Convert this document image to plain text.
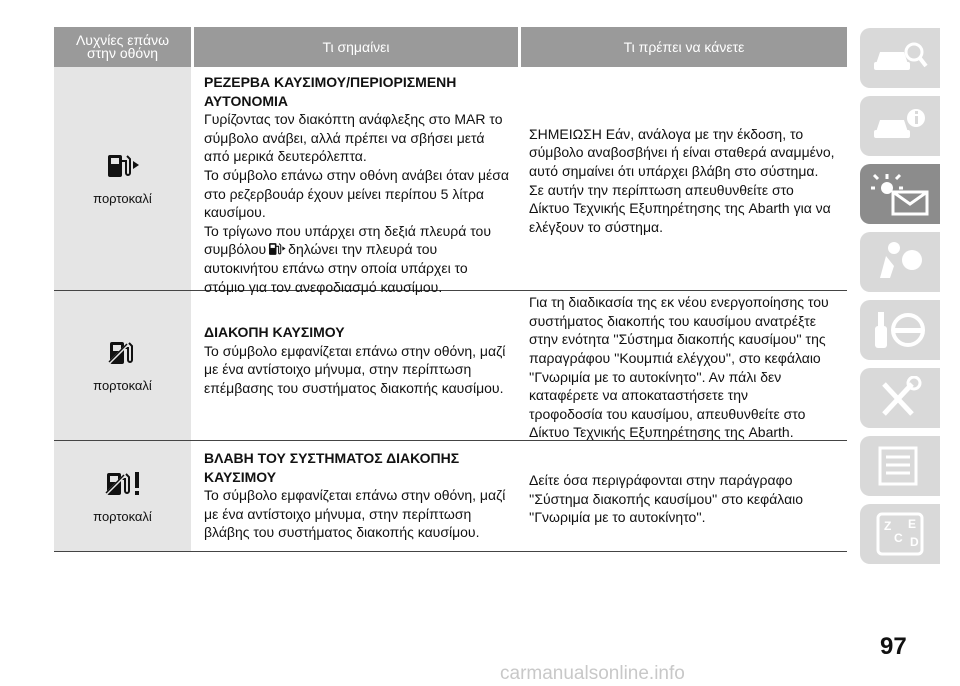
Λυχνίες επάνω
στην οθόνη	Τι σημαίνει	Τι πρέπει να κάνετε
πορτοκαλί
ΡΕΖΕΡΒΑ ΚΑΥΣΙΜΟΥ/ΠΕΡΙΟΡΙΣΜΕΝΗ
ΑΥΤΟΝΟΜΙΑ
Γυρίζοντας τον διακόπτη ανάφλεξης στο MAR το
σύμβολο ανάβει, αλλά πρέπει να σβήσει μετά
από μερικά δευτερόλεπτα.
Το σύμβολο επάνω στην οθόνη ανάβει όταν μέσα
στο ρεζερβουάρ έχουν μείνει περίπου 5 λίτρα
καυσίμου.
Το τρίγωνο που υπάρχει στη δεξιά πλευρά του
συμβόλου δηλώνει την πλευρά του
αυτοκινήτου επάνω στην οποία υπάρχει το
στόμιο για τον ανεφοδιασμό καυσίμου.
ΣΗΜΕΙΩΣΗ Εάν, ανάλογα με την έκδοση, το
σύμβολο αναβοσβήνει ή είναι σταθερά αναμμένο,
αυτό σημαίνει ότι υπάρχει βλάβη στο σύστημα.
Σε αυτήν την περίπτωση απευθυνθείτε στο
Δίκτυο Τεχνικής Εξυπηρέτησης της Abarth για να
ελέγξουν το σύστημα.
πορτοκαλί
ΔΙΑΚΟΠΗ ΚΑΥΣΙΜΟΥ
Το σύμβολο εμφανίζεται επάνω στην οθόνη, μαζί
με ένα αντίστοιχο μήνυμα, στην περίπτωση
επέμβασης του συστήματος διακοπής καυσίμου.
Για τη διαδικασία της εκ νέου ενεργοποίησης του
συστήματος διακοπής του καυσίμου ανατρέξτε
στην ενότητα ''Σύστημα διακοπής καυσίμου'' της
παραγράφου ''Κουμπιά ελέγχου'', στο κεφάλαιο
''Γνωριμία με το αυτοκίνητο''. Αν πάλι δεν
καταφέρετε να αποκαταστήσετε την
τροφοδοσία του καυσίμου, απευθυνθείτε στο
Δίκτυο Τεχνικής Εξυπηρέτησης της Abarth.
πορτοκαλί
ΒΛΑΒΗ ΤΟΥ ΣΥΣΤΗΜΑΤΟΣ ΔΙΑΚΟΠΗΣ
ΚΑΥΣΙΜΟΥ
Το σύμβολο εμφανίζεται επάνω στην οθόνη, μαζί
με ένα αντίστοιχο μήνυμα, στην περίπτωση
βλάβης του συστήματος διακοπής καυσίμου.
Δείτε όσα περιγράφονται στην παράγραφο
''Σύστημα διακοπής καυσίμου'' στο κεφάλαιο
''Γνωριμία με το αυτοκίνητο''.
Z E
C D
97
carmanualsonline.info
